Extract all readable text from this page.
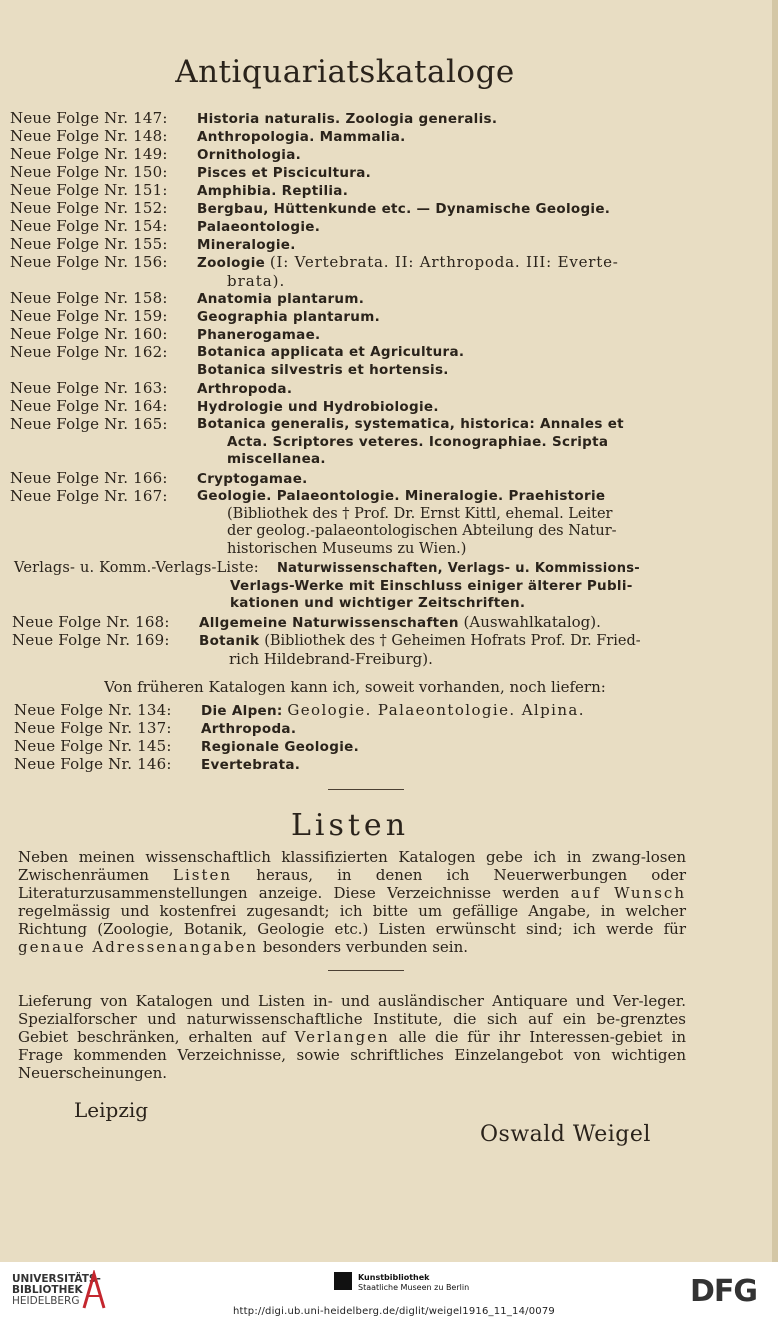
Antiquariatskataloge
Neue Folge Nr. 147: Historia naturalis. Zoologia generalis.
Neue Folge Nr. 148: Anthropologia. Mammalia.
Neue Folge Nr. 149: Ornithologia.
Neue Folge Nr. 150: Pisces et Piscicultura.
Neue Folge Nr. 151: Amphibia. Reptilia.
Neue Folge Nr. 152: Bergbau, Hüttenkunde etc. — Dynamische Geologie.
Neue Folge Nr. 154: Palaeontologie.
Neue Folge Nr. 155: Mineralogie.
Neue Folge Nr. 156: Zoologie (I: Vertebrata. II: Arthropoda. III: Everte-
brata).
Neue Folge Nr. 158: Anatomia plantarum.
Neue Folge Nr. 159: Geographia plantarum.
Neue Folge Nr. 160: Phanerogamae.
Neue Folge Nr. 162: Botanica applicata et Agricultura.
Botanica silvestris et hortensis.
Neue Folge Nr. 163: Arthropoda.
Neue Folge Nr. 164: Hydrologie und Hydrobiologie.
Neue Folge Nr. 165: Botanica generalis, systematica, historica: Annales et
Acta. Scriptores veteres. Iconographiae. Scripta
miscellanea.
Neue Folge Nr. 166: Cryptogamae.
Neue Folge Nr. 167: Geologie. Palaeontologie. Mineralogie. Praehistorie
(Bibliothek des † Prof. Dr. Ernst Kittl, ehemal. Leiter
der geolog.-palaeontologischen Abteilung des Natur-
historischen Museums zu Wien.)
Verlags- u. Komm.-Verlags-Liste: Naturwissenschaften, Verlags- u. Kommissions-
Verlags-Werke mit Einschluss einiger älterer Publi-
kationen und wichtiger Zeitschriften.
Neue Folge Nr. 168: Allgemeine Naturwissenschaften (Auswahlkatalog).
Neue Folge Nr. 169: Botanik (Bibliothek des † Geheimen Hofrats Prof. Dr. Fried-
rich Hildebrand-Freiburg).
Von früheren Katalogen kann ich, soweit vorhanden, noch liefern:
Neue Folge Nr. 134: Die Alpen: Geologie. Palaeontologie. Alpina.
Neue Folge Nr. 137: Arthropoda.
Neue Folge Nr. 145: Regionale Geologie.
Neue Folge Nr. 146: Evertebrata.
Listen
Neben meinen wissenschaftlich klassifizierten Katalogen gebe ich in zwang-losen Zwischenräumen Listen heraus, in denen ich Neuerwerbungen oder Literaturzusammenstellungen anzeige. Diese Verzeichnisse werden auf Wunsch regelmässig und kostenfrei zugesandt; ich bitte um gefällige Angabe, in welcher Richtung (Zoologie, Botanik, Geologie etc.) Listen erwünscht sind; ich werde für genaue Adressenangaben besonders verbunden sein.
Lieferung von Katalogen und Listen in- und ausländischer Antiquare und Ver-leger. Spezialforscher und naturwissenschaftliche Institute, die sich auf ein be-grenztes Gebiet beschränken, erhalten auf Verlangen alle die für ihr Interessen-gebiet in Frage kommenden Verzeichnisse, sowie schriftliches Einzelangebot von wichtigen Neuerscheinungen.
Leipzig
Oswald Weigel
UNIVERSITÄTS-
BIBLIOTHEK
HEIDELBERG
Kunstbibliothek
Staatliche Museen zu Berlin	DFG
http://digi.ub.uni-heidelberg.de/diglit/weigel1916_11_14/0079
